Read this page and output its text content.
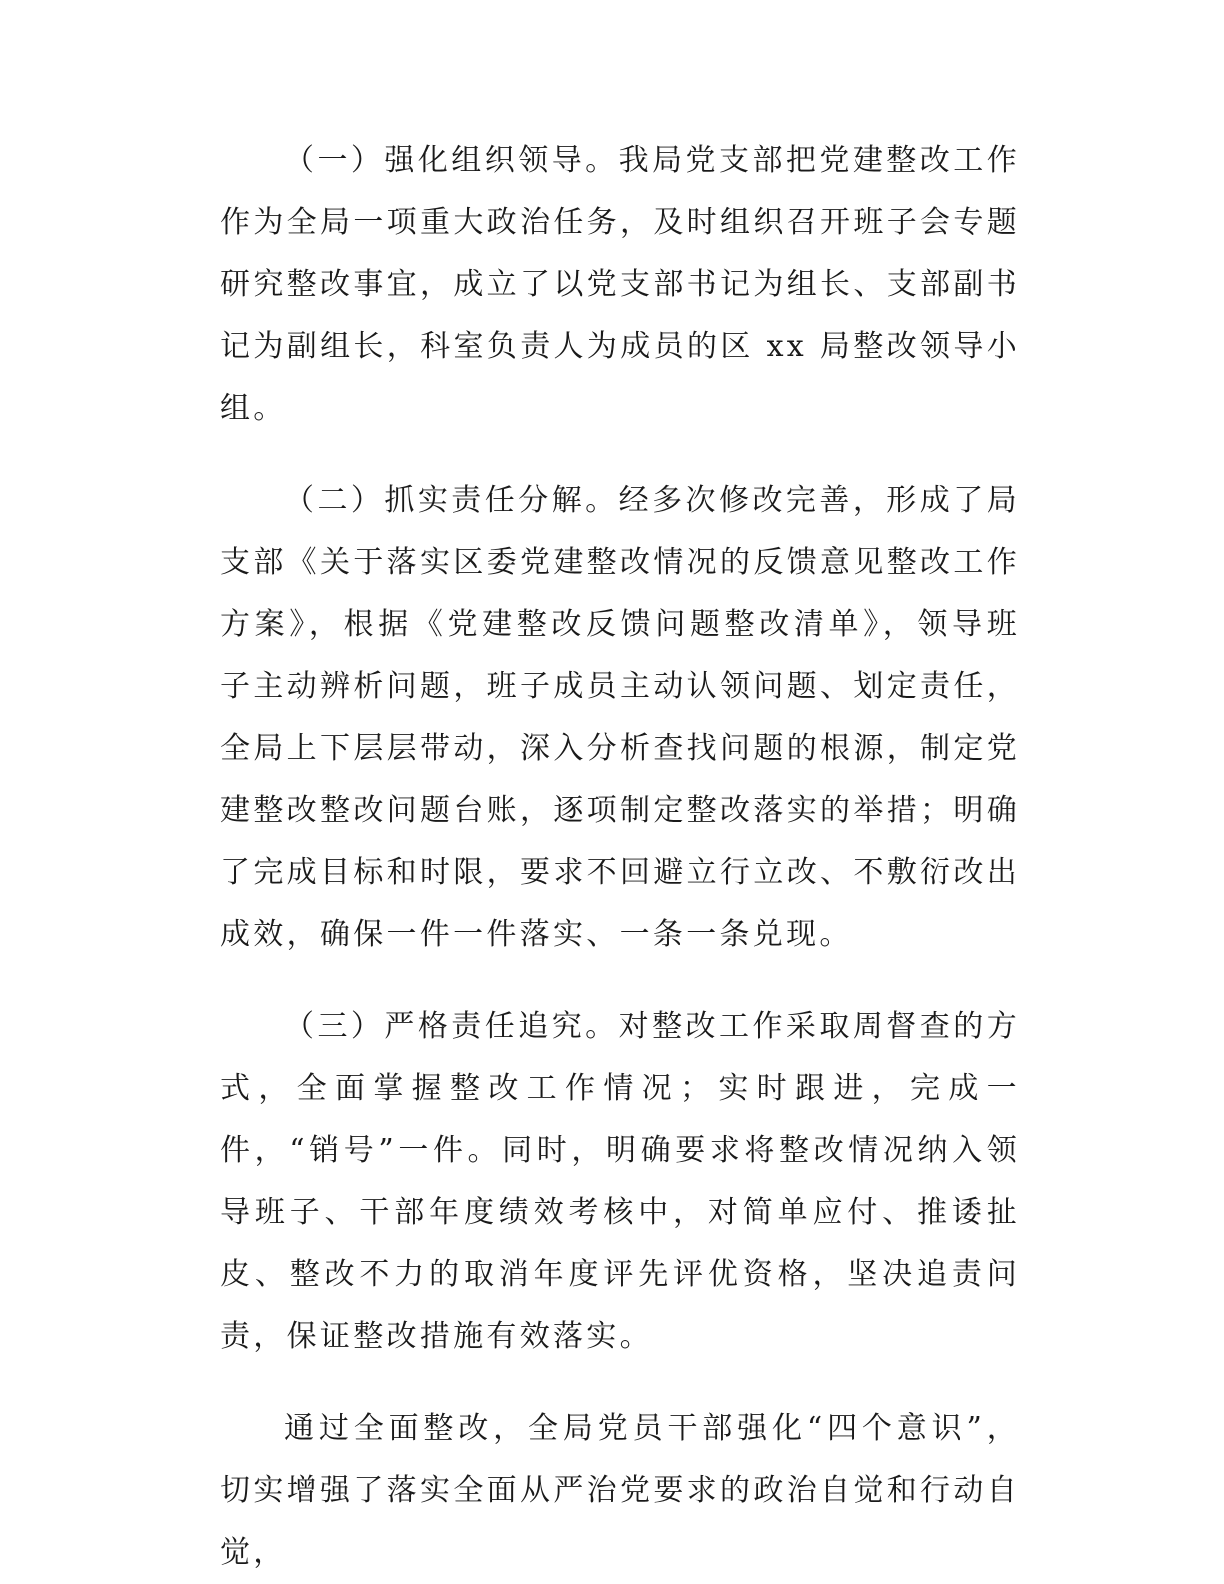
（一）强化组织领导。我局党支部把党建整改工作作为全局一项重大政治任务，及时组织召开班子会专题研究整改事宜，成立了以党支部书记为组长、支部副书记为副组长，科室负责人为成员的区 xx 局整改领导小组。

（二）抓实责任分解。经多次修改完善，形成了局支部《关于落实区委党建整改情况的反馈意见整改工作方案》，根据《党建整改反馈问题整改清单》，领导班子主动辨析问题，班子成员主动认领问题、划定责任，全局上下层层带动，深入分析查找问题的根源，制定党建整改整改问题台账，逐项制定整改落实的举措；明确了完成目标和时限，要求不回避立行立改、不敷衍改出成效，确保一件一件落实、一条一条兑现。

（三）严格责任追究。对整改工作采取周督查的方式，全面掌握整改工作情况；实时跟进，完成一件，“销号”一件。同时，明确要求将整改情况纳入领导班子、干部年度绩效考核中，对简单应付、推诿扯皮、整改不力的取消年度评先评优资格，坚决追责问责，保证整改措施有效落实。

通过全面整改，全局党员干部强化“四个意识”，切实增强了落实全面从严治党要求的政治自觉和行动自觉，
